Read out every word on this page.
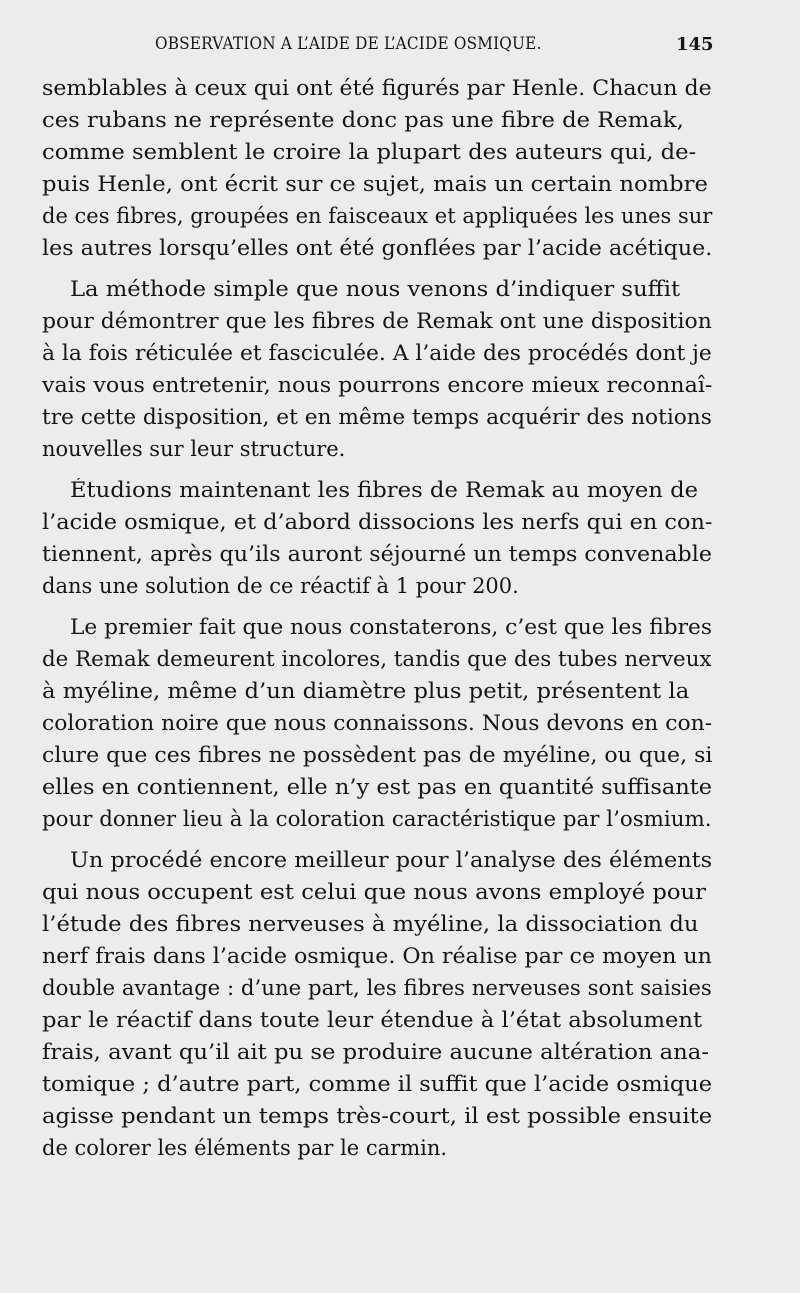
OBSERVATION A L’AIDE DE L’ACIDE OSMIQUE.	145
semblables à ceux qui ont été figurés par Henle. Chacun de
ces rubans ne représente donc pas une fibre de Remak,
comme semblent le croire la plupart des auteurs qui, de-
puis Henle, ont écrit sur ce sujet, mais un certain nombre
de ces fibres, groupées en faisceaux et appliquées les unes sur
les autres lorsqu’elles ont été gonflées par l’acide acétique.
La méthode simple que nous venons d’indiquer suffit
pour démontrer que les fibres de Remak ont une disposition
à la fois réticulée et fasciculée. A l’aide des procédés dont je
vais vous entretenir, nous pourrons encore mieux reconnaî-
tre cette disposition, et en même temps acquérir des notions
nouvelles sur leur structure.
Étudions maintenant les fibres de Remak au moyen de
l’acide osmique, et d’abord dissocions les nerfs qui en con-
tiennent, après qu’ils auront séjourné un temps convenable
dans une solution de ce réactif à 1 pour 200.
Le premier fait que nous constaterons, c’est que les fibres
de Remak demeurent incolores, tandis que des tubes nerveux
à myéline, même d’un diamètre plus petit, présentent la
coloration noire que nous connaissons. Nous devons en con-
clure que ces fibres ne possèdent pas de myéline, ou que, si
elles en contiennent, elle n’y est pas en quantité suffisante
pour donner lieu à la coloration caractéristique par l’osmium.
Un procédé encore meilleur pour l’analyse des éléments
qui nous occupent est celui que nous avons employé pour
l’étude des fibres nerveuses à myéline, la dissociation du
nerf frais dans l’acide osmique. On réalise par ce moyen un
double avantage : d’une part, les fibres nerveuses sont saisies
par le réactif dans toute leur étendue à l’état absolument
frais, avant qu’il ait pu se produire aucune altération ana-
tomique ; d’autre part, comme il suffit que l’acide osmique
agisse pendant un temps très-court, il est possible ensuite
de colorer les éléments par le carmin.
